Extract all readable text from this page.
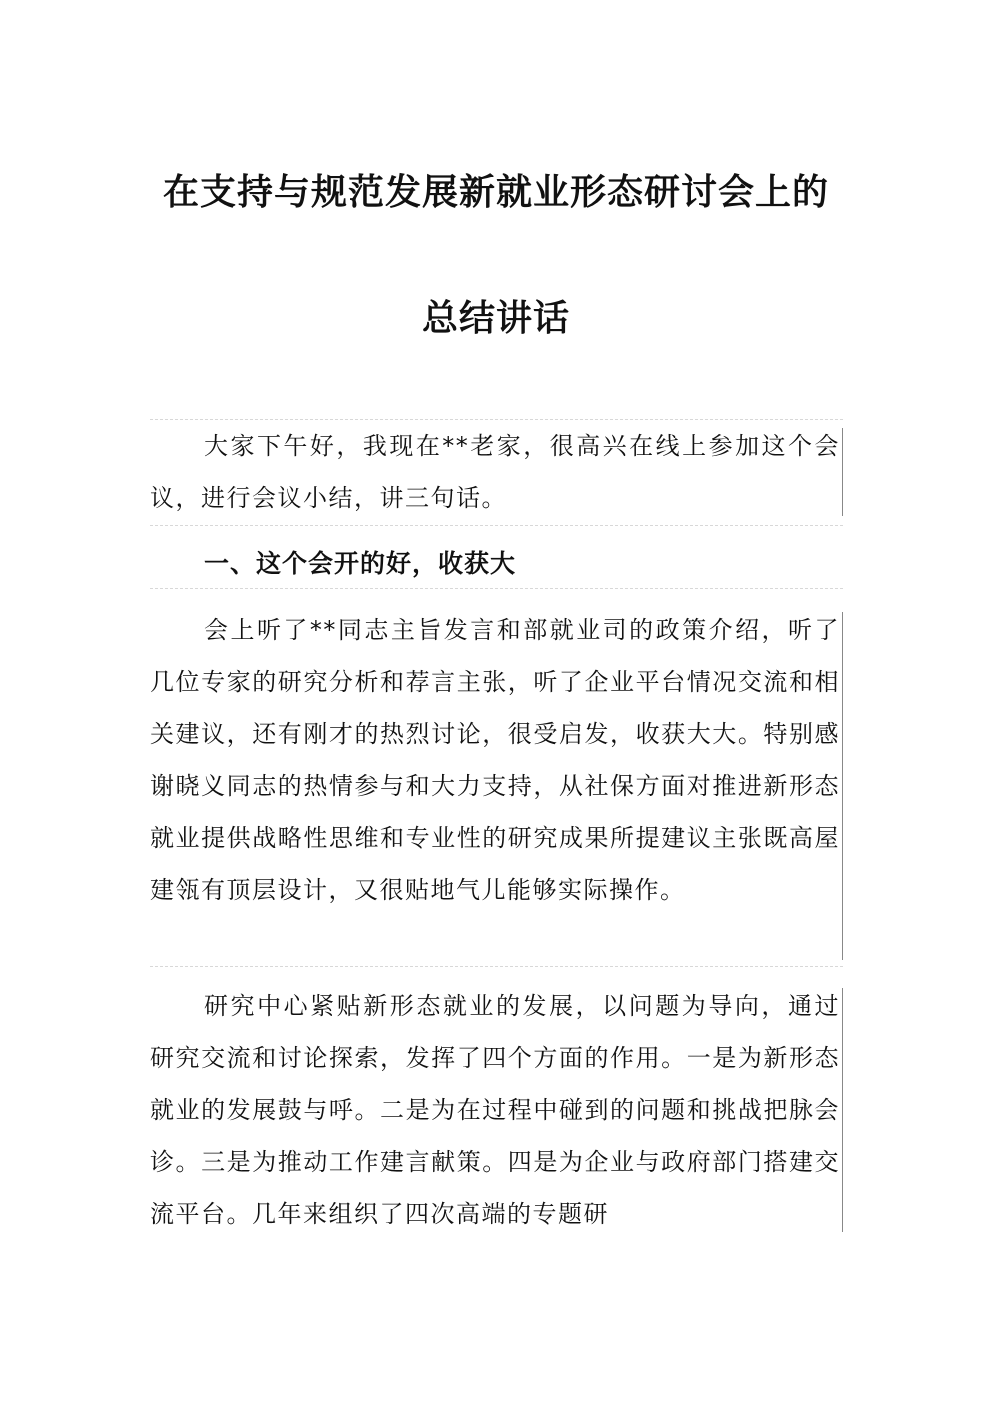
在支持与规范发展新就业形态研讨会上的
总结讲话
大家下午好，我现在**老家，很高兴在线上参加这个会议，进行会议小结，讲三句话。
一、这个会开的好，收获大
会上听了**同志主旨发言和部就业司的政策介绍，听了几位专家的研究分析和荐言主张，听了企业平台情况交流和相关建议，还有刚才的热烈讨论，很受启发，收获大大。特别感谢晓义同志的热情参与和大力支持，从社保方面对推进新形态就业提供战略性思维和专业性的研究成果所提建议主张既高屋建瓴有顶层设计，又很贴地气儿能够实际操作。
研究中心紧贴新形态就业的发展，以问题为导向，通过研究交流和讨论探索，发挥了四个方面的作用。一是为新形态就业的发展鼓与呼。二是为在过程中碰到的问题和挑战把脉会诊。三是为推动工作建言献策。四是为企业与政府部门搭建交流平台。几年来组织了四次高端的专题研
